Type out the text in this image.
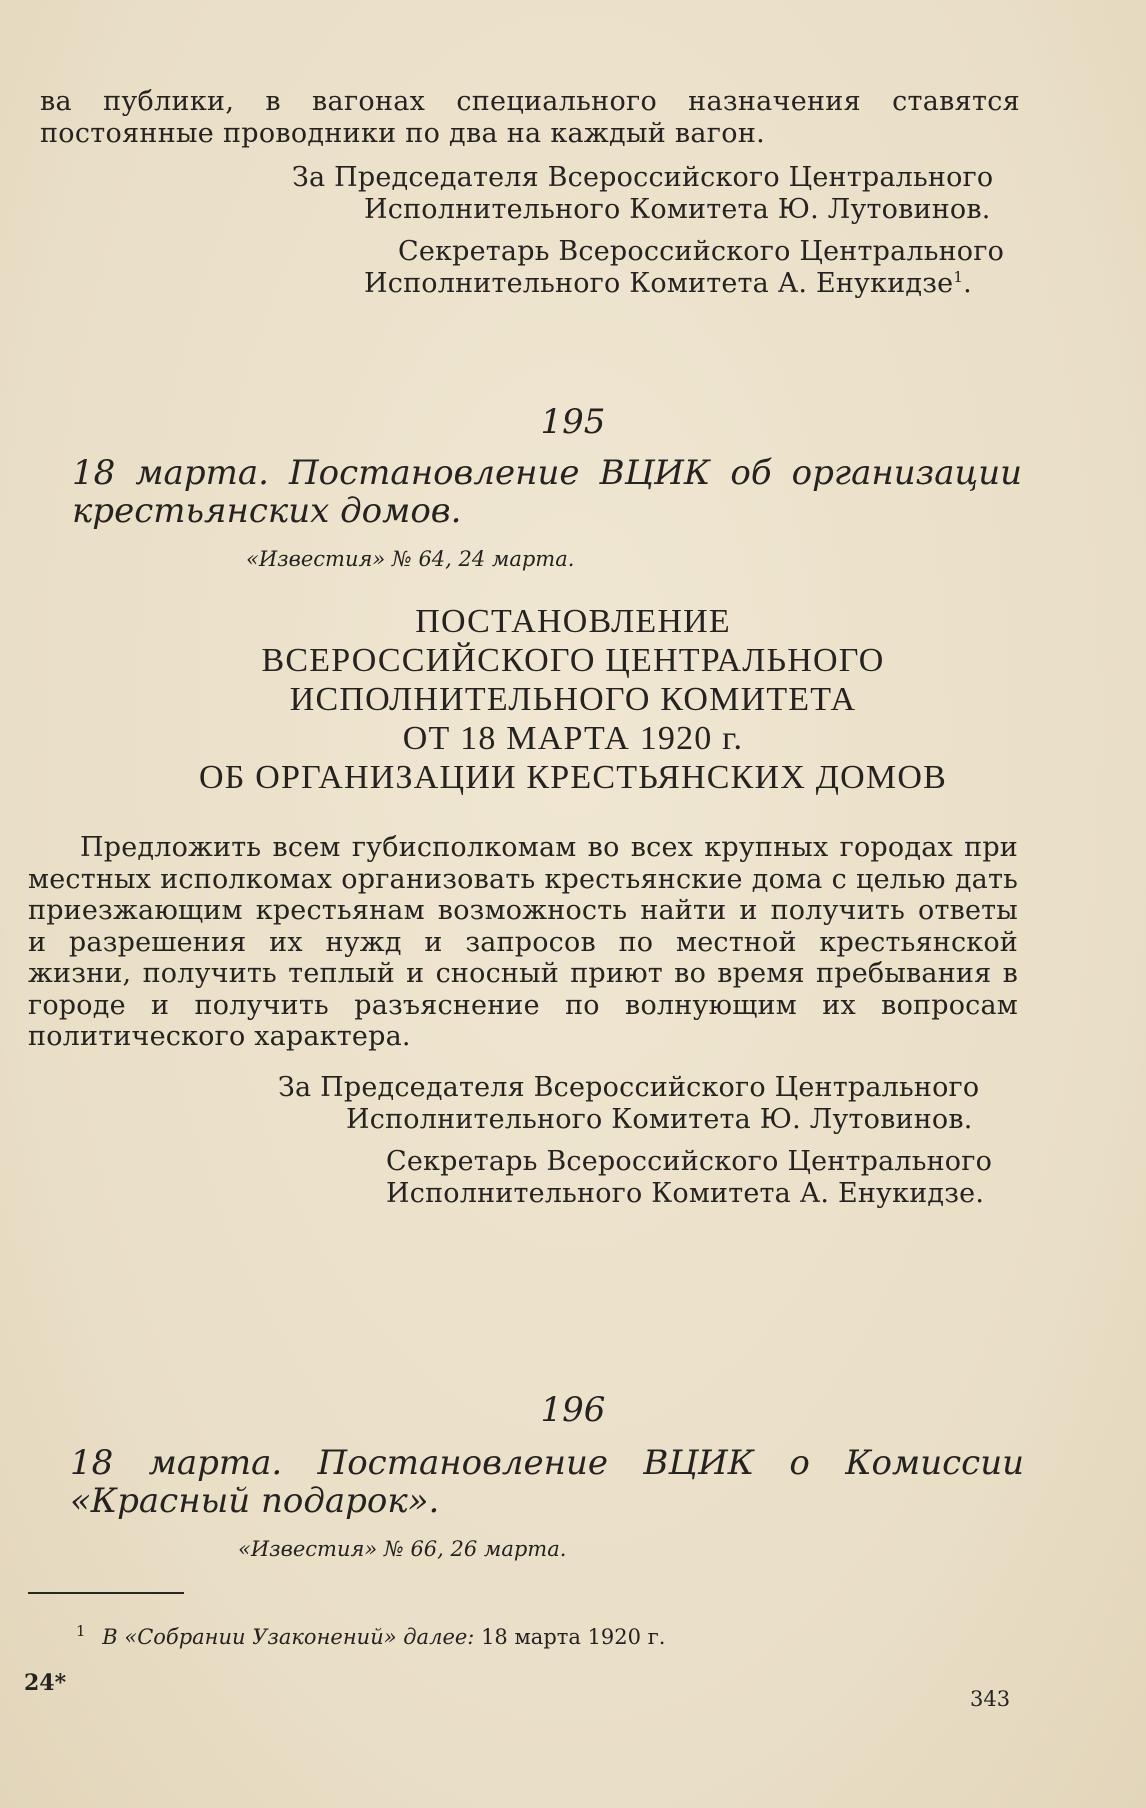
ва публики, в вагонах специального назначения ставятся постоянные проводники по два на каждый вагон.
За Председателя Всероссийского Центрального
Исполнительного Комитета Ю. Лутовинов.
Секретарь Всероссийского Центрального
Исполнительного Комитета А. Енукидзе$^1$.
195
18 марта. Постановление ВЦИК об организации крестьянских домов.
«Известия» № 64, 24 марта.
ПОСТАНОВЛЕНИЕ
ВСЕРОССИЙСКОГО ЦЕНТРАЛЬНОГО
ИСПОЛНИТЕЛЬНОГО КОМИТЕТА
ОТ 18 МАРТА 1920 г.
ОБ ОРГАНИЗАЦИИ КРЕСТЬЯНСКИХ ДОМОВ
Предложить всем губисполкомам во всех крупных городах при местных исполкомах организовать крестьянские дома с целью дать приезжающим крестьянам возможность найти и получить ответы и разрешения их нужд и запросов по местной крестьянской жизни, получить теплый и сносный приют во время пребывания в городе и получить разъяснение по волнующим их вопросам политического характера.
За Председателя Всероссийского Центрального
Исполнительного Комитета Ю. Лутовинов.
Секретарь Всероссийского Центрального
Исполнительного Комитета А. Енукидзе.
196
18 марта. Постановление ВЦИК о Комиссии «Красный подарок».
«Известия» № 66, 26 марта.
$^1$ В «Собрании Узаконений» далее: 18 марта 1920 г.
24*
343
